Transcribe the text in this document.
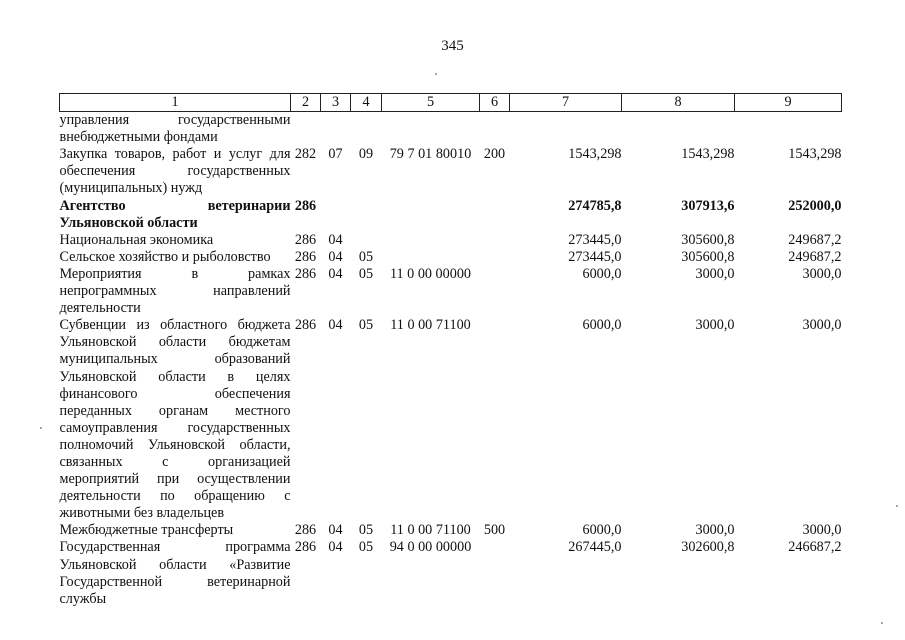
345
1	2	3	4	5	6	7	8	9
управления государственными внебюджетными фондами								
Закупка товаров, работ и услуг для обеспечения государственных (муниципальных) нужд	282	07	09	79 7 01 80010	200	1543,298	1543,298	1543,298
Агентство ветеринарии Ульяновской области	286					274785,8	307913,6	252000,0
Национальная экономика	286	04				273445,0	305600,8	249687,2
Сельское хозяйство и рыболовство	286	04	05			273445,0	305600,8	249687,2
Мероприятия в рамках непрограммных направлений деятельности	286	04	05	11 0 00 00000		6000,0	3000,0	3000,0
Субвенции из областного бюджета Ульяновской области бюджетам муниципальных образований Ульяновской области в целях финансового обеспечения переданных органам местного самоуправления государственных полномочий Ульяновской области, связанных с организацией мероприятий при осуществлении деятельности по обращению с животными без владельцев	286	04	05	11 0 00 71100		6000,0	3000,0	3000,0
Межбюджетные трансферты	286	04	05	11 0 00 71100	500	6000,0	3000,0	3000,0
Государственная программа Ульяновской области «Развитие Государственной ветеринарной службы	286	04	05	94 0 00 00000		267445,0	302600,8	246687,2
